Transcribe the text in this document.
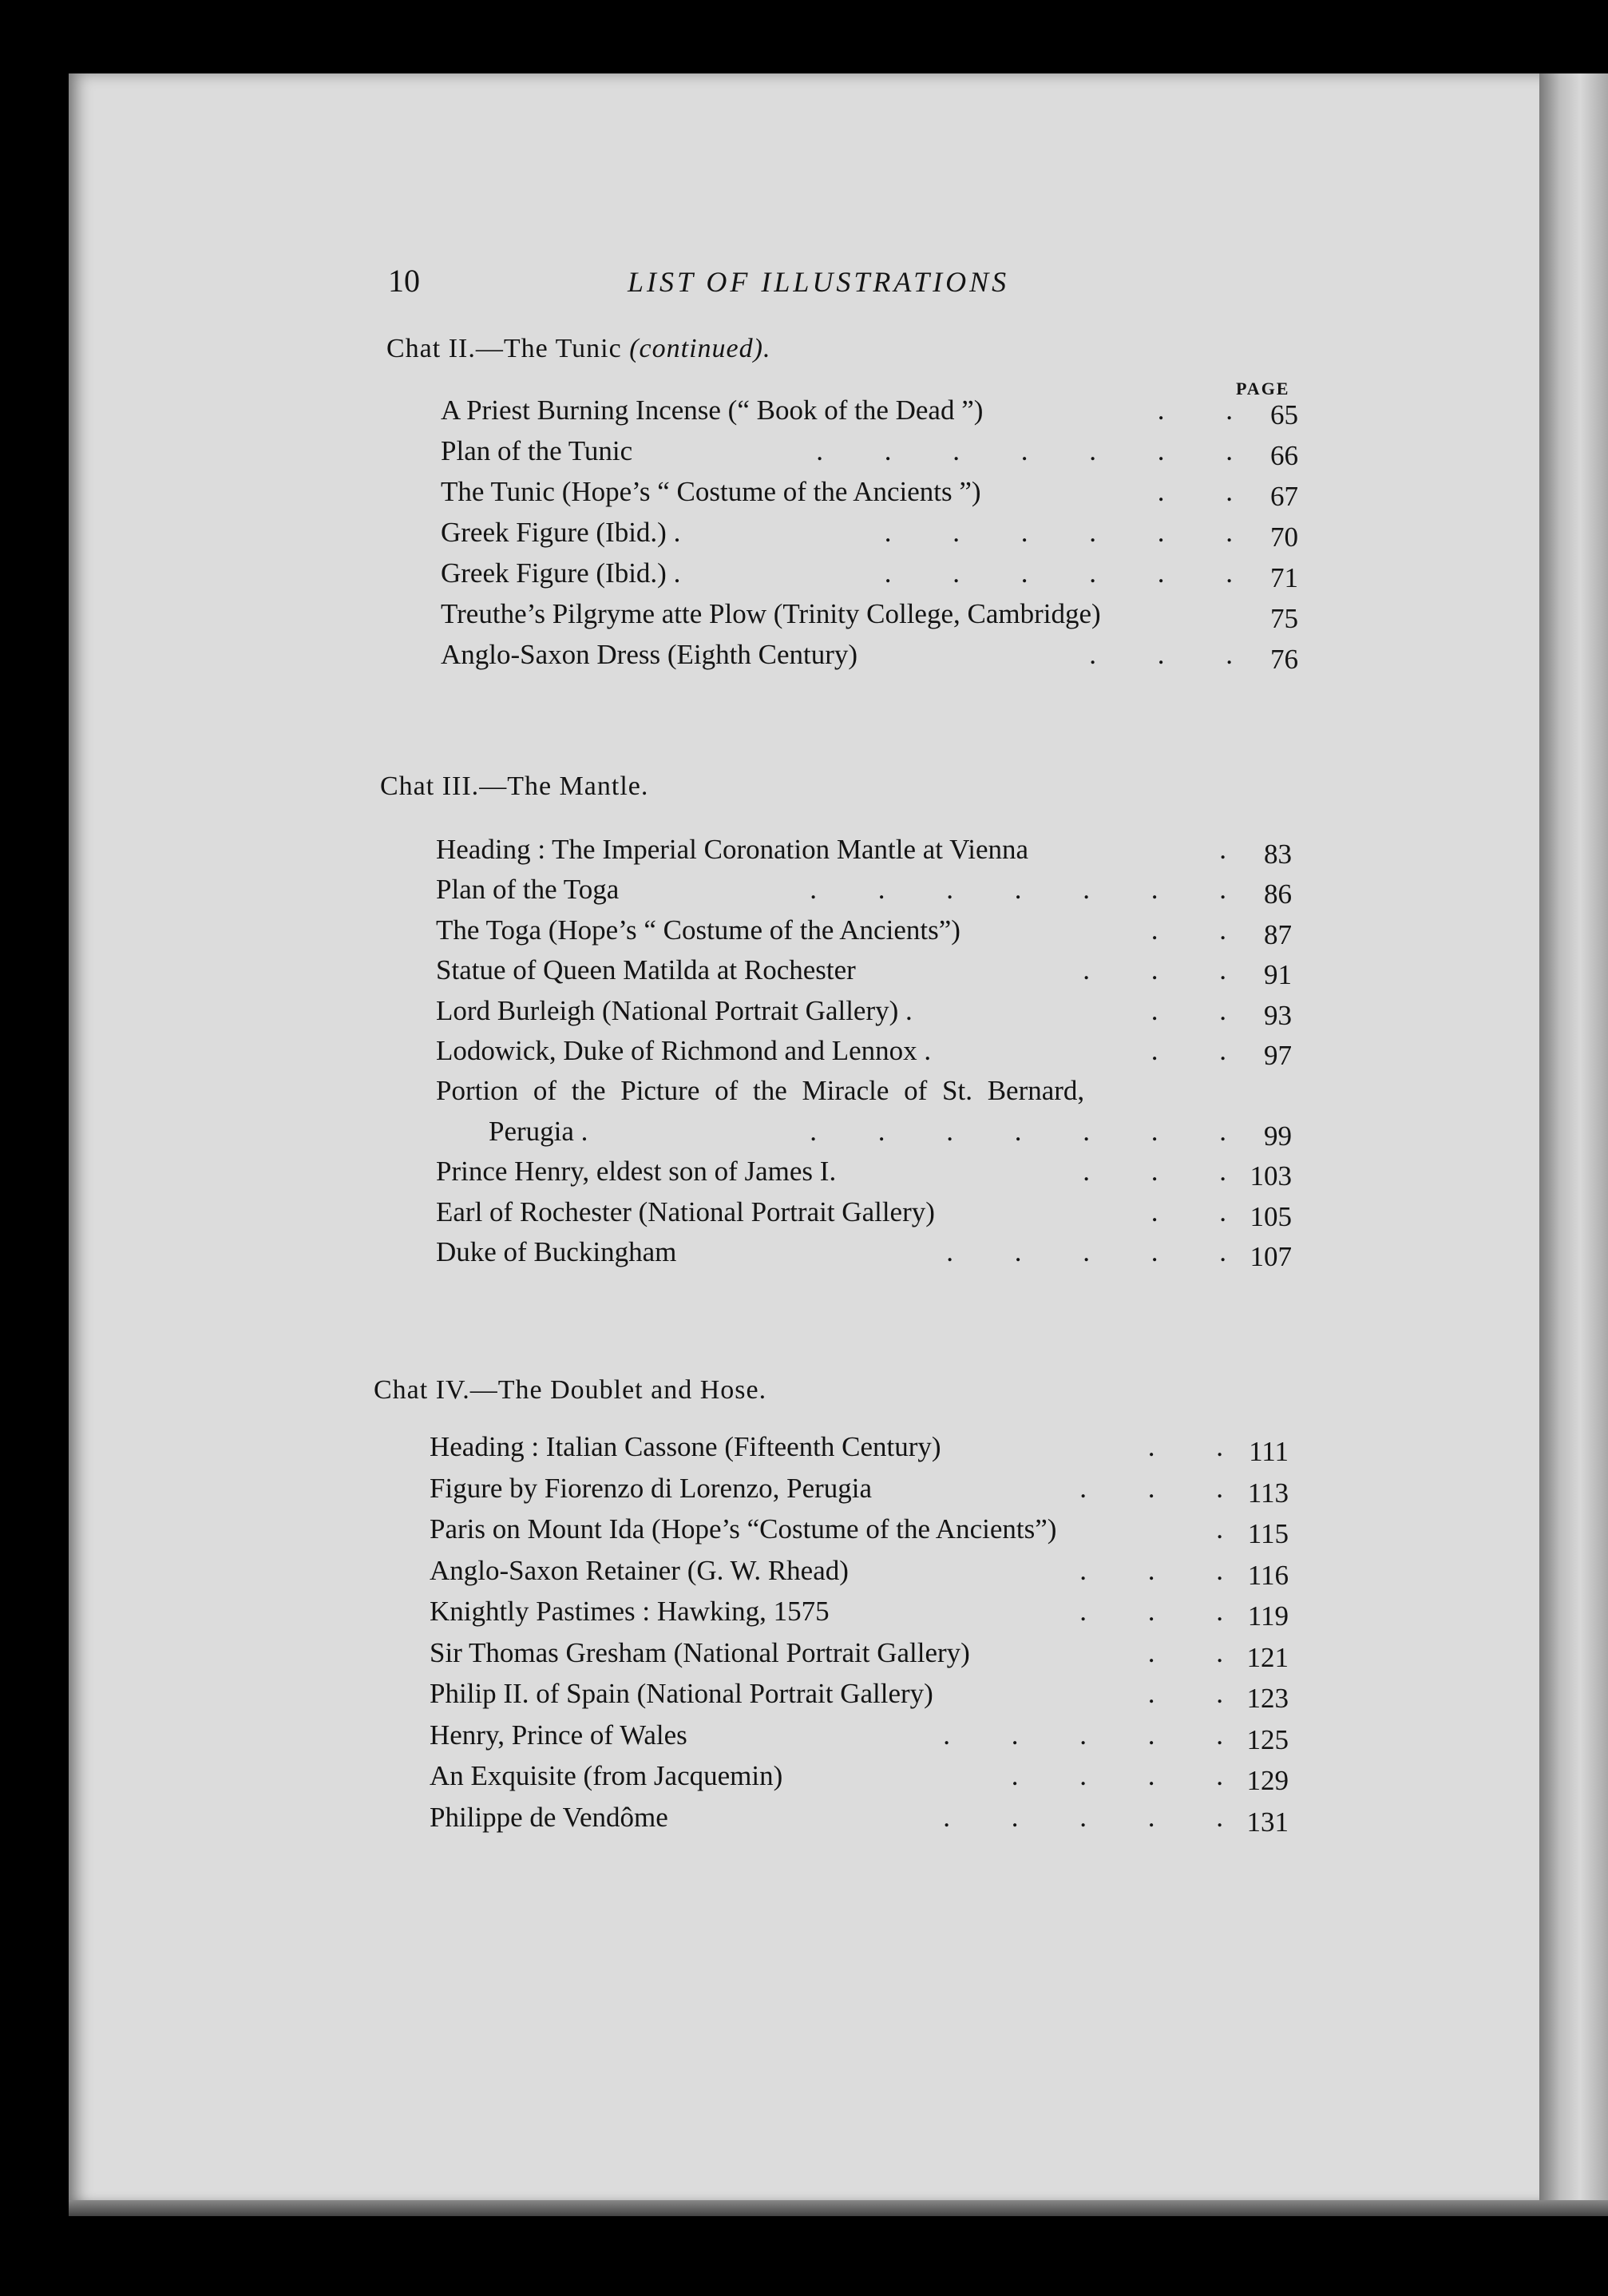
10	LIST OF ILLUSTRATIONS
PAGE
Chat II.—The Tunic (continued).
A Priest Burning Incense (“ Book of the Dead ”)	. . 65
Plan of the Tunic	. . . . . . . 66
The Tunic (Hope’s “ Costume of the Ancients ”)	. . 67
Greek Figure (Ibid.) .	. . . . . . 70
Greek Figure (Ibid.) .	. . . . . . 71
Treuthe’s Pilgryme atte Plow (Trinity College, Cambridge)	75
Anglo-Saxon Dress (Eighth Century)	. . . 76
Chat III.—The Mantle.
Heading : The Imperial Coronation Mantle at Vienna	. 83
Plan of the Toga	. . . . . . . 86
The Toga (Hope’s “ Costume of the Ancients”)	. . 87
Statue of Queen Matilda at Rochester	. . . 91
Lord Burleigh (National Portrait Gallery) .	. . 93
Lodowick, Duke of Richmond and Lennox .	. . 97
Portion of the Picture of the Miracle of St. Bernard,
Perugia .	. . . . . . . 99
Prince Henry, eldest son of James I.	. . . 103
Earl of Rochester (National Portrait Gallery)	. . 105
Duke of Buckingham	. . . . . 107
Chat IV.—The Doublet and Hose.
Heading : Italian Cassone (Fifteenth Century)	. . 111
Figure by Fiorenzo di Lorenzo, Perugia	. . . 113
Paris on Mount Ida (Hope’s “Costume of the Ancients”)	. 115
Anglo-Saxon Retainer (G. W. Rhead)	. . . 116
Knightly Pastimes : Hawking, 1575	. . . 119
Sir Thomas Gresham (National Portrait Gallery)	. . 121
Philip II. of Spain (National Portrait Gallery)	. . 123
Henry, Prince of Wales	. . . . . 125
An Exquisite (from Jacquemin)	. . . . 129
Philippe de Vendôme	. . . . . 131
